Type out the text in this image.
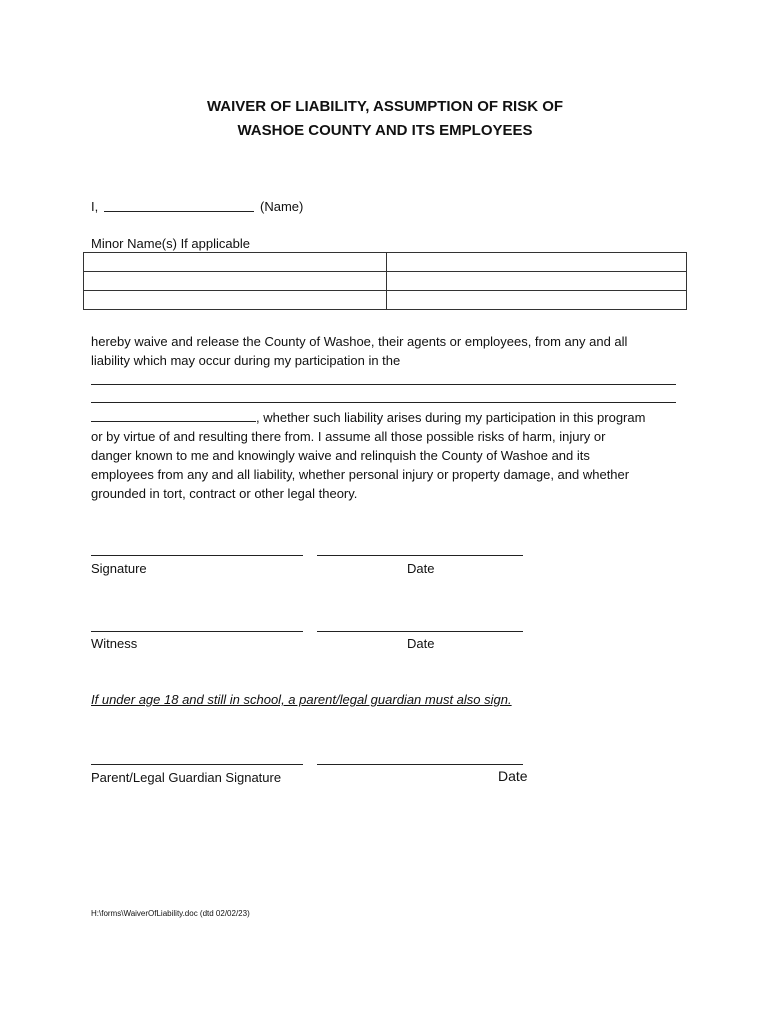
WAIVER OF LIABILITY, ASSUMPTION OF RISK OF
WASHOE COUNTY AND ITS EMPLOYEES
I,	(Name)
Minor Name(s) If applicable

hereby waive and release the County of Washoe, their agents or employees, from any and all
liability which may occur during my participation in the
, whether such liability arises during my participation in this program
or by virtue of and resulting there from. I assume all those possible risks of harm, injury or
danger known to me and knowingly waive and relinquish the County of Washoe and its
employees from any and all liability, whether personal injury or property damage, and whether
grounded in tort, contract or other legal theory.
Signature	Date
Witness	Date
If under age 18 and still in school, a parent/legal guardian must also sign.
Parent/Legal Guardian Signature	Date
H:\forms\WaiverOfLiability.doc (dtd 02/02/23)
